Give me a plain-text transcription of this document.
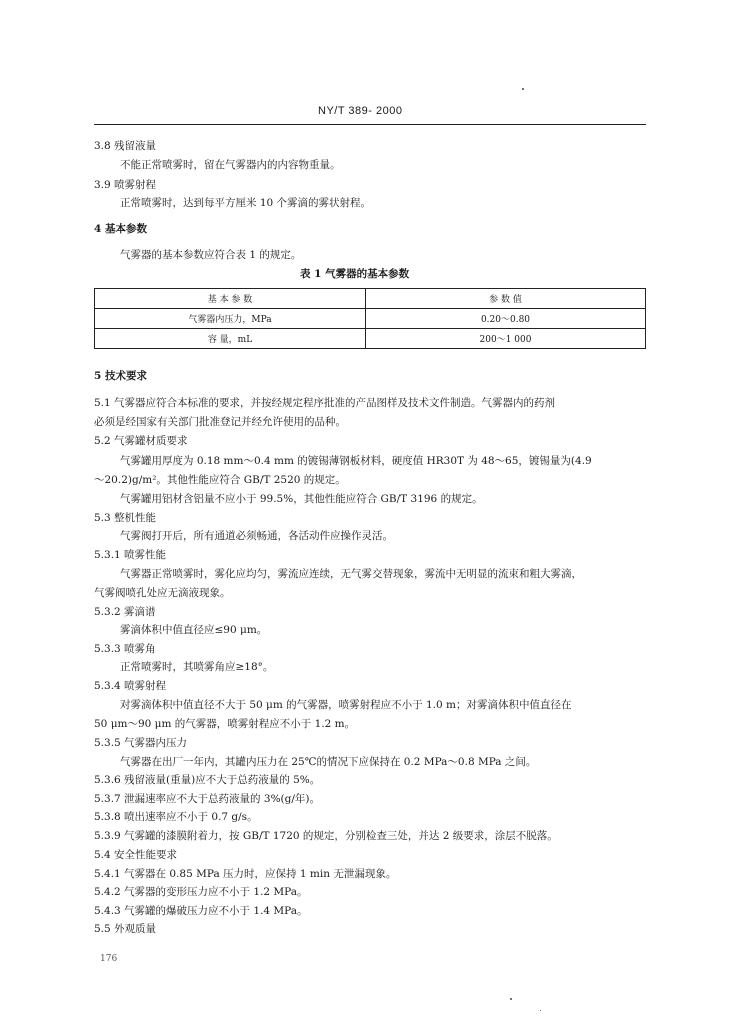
NY/T 389- 2000
3.8 残留液量
不能正常喷雾时，留在气雾器内的内容物重量。
3.9 喷雾射程
正常喷雾时，达到每平方厘米 10 个雾滴的雾状射程。
4 基本参数
气雾器的基本参数应符合表 1 的规定。
表 1 气雾器的基本参数
基 本 参 数	参 数 值
气雾器内压力，MPa	0.20～0.80
容 量，mL	200～1 000
5 技术要求
5.1 气雾器应符合本标准的要求，并按经规定程序批准的产品图样及技术文件制造。气雾器内的药剂
必须是经国家有关部门批准登记并经允许使用的品种。
5.2 气雾罐材质要求
气雾罐用厚度为 0.18 mm～0.4 mm 的镀锡薄钢板材料，硬度值 HR30T 为 48～65，镀锡量为(4.9
～20.2)g/m²。其他性能应符合 GB/T 2520 的规定。
气雾罐用铝材含铝量不应小于 99.5%，其他性能应符合 GB/T 3196 的规定。
5.3 整机性能
气雾阀打开后，所有通道必须畅通，各活动件应操作灵活。
5.3.1 喷雾性能
气雾器正常喷雾时，雾化应均匀，雾流应连续，无气雾交替现象，雾流中无明显的流束和粗大雾滴，
气雾阀喷孔处应无滴液现象。
5.3.2 雾滴谱
雾滴体积中值直径应≤90 μm。
5.3.3 喷雾角
正常喷雾时，其喷雾角应≥18°。
5.3.4 喷雾射程
对雾滴体积中值直径不大于 50 μm 的气雾器，喷雾射程应不小于 1.0 m；对雾滴体积中值直径在
50 μm～90 μm 的气雾器，喷雾射程应不小于 1.2 m。
5.3.5 气雾器内压力
气雾器在出厂一年内，其罐内压力在 25℃的情况下应保持在 0.2 MPa～0.8 MPa 之间。
5.3.6 残留液量(重量)应不大于总药液量的 5%。
5.3.7 泄漏速率应不大于总药液量的 3%(g/年)。
5.3.8 喷出速率应不小于 0.7 g/s。
5.3.9 气雾罐的漆膜附着力，按 GB/T 1720 的规定，分别检查三处，并达 2 级要求，涂层不脱落。
5.4 安全性能要求
5.4.1 气雾器在 0.85 MPa 压力时，应保持 1 min 无泄漏现象。
5.4.2 气雾器的变形压力应不小于 1.2 MPa。
5.4.3 气雾罐的爆破压力应不小于 1.4 MPa。
5.5 外观质量
176
